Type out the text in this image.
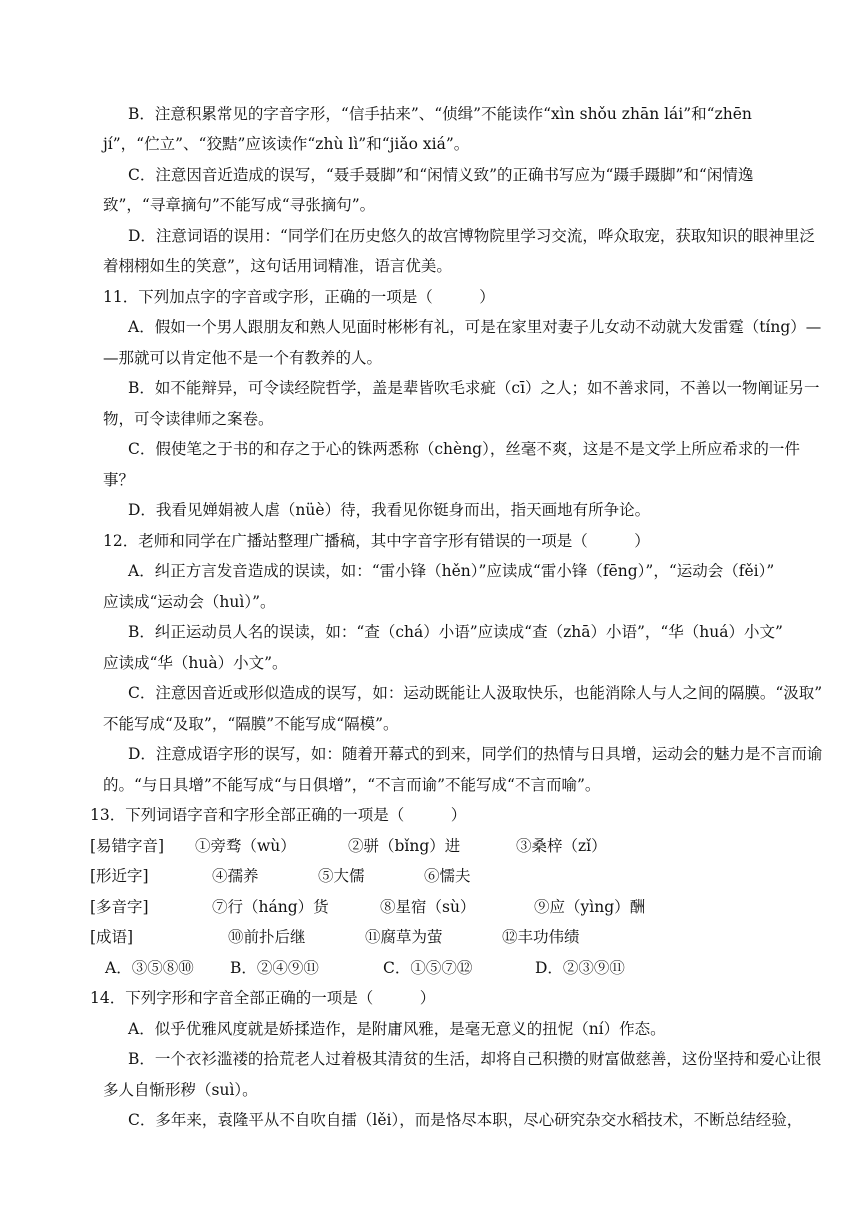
B．注意积累常见的字音字形，“信手拈来”、“侦缉”不能读作“xìn shǒu zhān lái”和“zhēn
jí”，“伫立”、“狡黠”应该读作“zhù lì”和“jiǎo xiá”。
C．注意因音近造成的误写，“聂手聂脚”和“闲情义致”的正确书写应为“蹑手蹑脚”和“闲情逸
致”，“寻章摘句”不能写成“寻张摘句”。
D．注意词语的误用：“同学们在历史悠久的故宫博物院里学习交流，哗众取宠，获取知识的眼神里泛
着栩栩如生的笑意”，这句话用词精准，语言优美。
11．下列加点字的字音或字形，正确的一项是（　　　）
A．假如一个男人跟朋友和熟人见面时彬彬有礼，可是在家里对妻子儿女动不动就大发雷霆（tíng）—
—那就可以肯定他不是一个有教养的人。
B．如不能辩异，可令读经院哲学，盖是辈皆吹毛求疵（cī）之人；如不善求同，不善以一物阐证另一
物，可令读律师之案卷。
C．假使笔之于书的和存之于心的铢两悉称（chèng），丝毫不爽，这是不是文学上所应希求的一件
事？
D．我看见婵娟被人虐（nüè）待，我看见你铤身而出，指天画地有所争论。
12．老师和同学在广播站整理广播稿，其中字音字形有错误的一项是（　　　）
A．纠正方言发音造成的误读，如：“雷小锋（hěn）”应读成“雷小锋（fēng）”，“运动会（fěi）”
应读成“运动会（huì）”。
B．纠正运动员人名的误读，如：“查（chá）小语”应读成“查（zhā）小语”，“华（huá）小文”
应读成“华（huà）小文”。
C．注意因音近或形似造成的误写，如：运动既能让人汲取快乐，也能消除人与人之间的隔膜。“汲取”
不能写成“及取”，“隔膜”不能写成“隔模”。
D．注意成语字形的误写，如：随着开幕式的到来，同学们的热情与日具增，运动会的魅力是不言而谕
的。“与日具增”不能写成“与日俱增”，“不言而谕”不能写成“不言而喻”。
13．下列词语字音和字形全部正确的一项是（　　　）
[易错字音] ①旁骛（wù）	②骈（bǐng）进	③桑梓（zǐ）
[形近字]	④孺养	⑤大儒	⑥懦夫
[多音字]	⑦行（háng）货	⑧星宿（sù）	⑨应（yìng）酬
[成语]	⑩前扑后继	⑪腐草为萤	⑫丰功伟绩
A．③⑤⑧⑩ B．②④⑨⑪	C．①⑤⑦⑫	D．②③⑨⑪
14．下列字形和字音全部正确的一项是（　　　）
A．似乎优雅风度就是娇揉造作，是附庸风雅，是毫无意义的扭怩（ní）作态。
B．一个衣衫滥褛的拾荒老人过着极其清贫的生活，却将自己积攒的财富做慈善，这份坚持和爱心让很
多人自惭形秽（suì）。
C．多年来，袁隆平从不自吹自擂（lěi），而是恪尽本职，尽心研究杂交水稻技术，不断总结经验，
